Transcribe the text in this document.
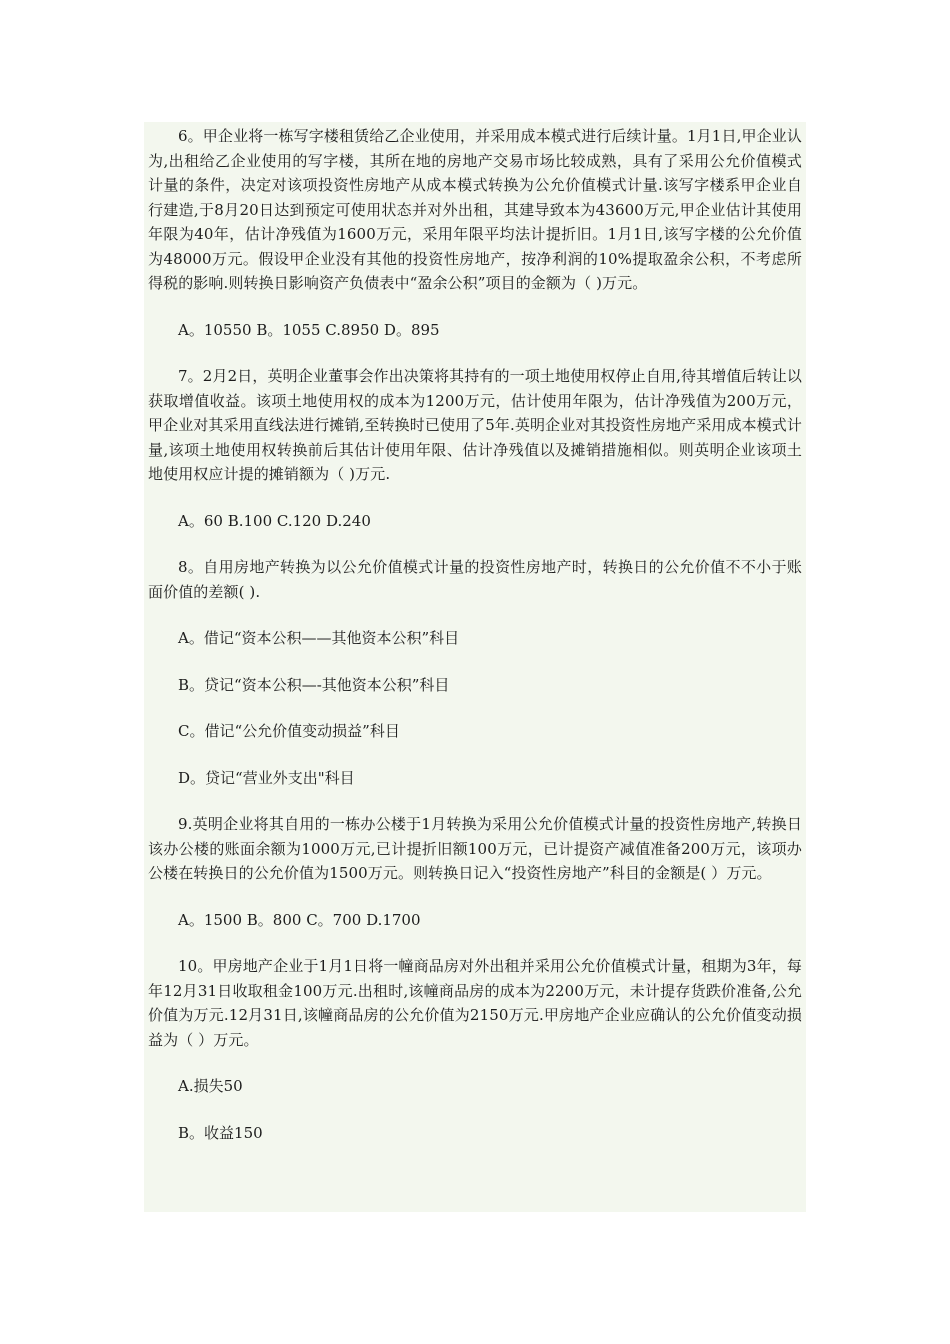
6。甲企业将一栋写字楼租赁给乙企业使用，并采用成本模式进行后续计量。1月1日,甲企业认为,出租给乙企业使用的写字楼，其所在地的房地产交易市场比较成熟，具有了采用公允价值模式计量的条件，决定对该项投资性房地产从成本模式转换为公允价值模式计量.该写字楼系甲企业自行建造,于8月20日达到预定可使用状态并对外出租，其建导致本为43600万元,甲企业估计其使用年限为40年，估计净残值为1600万元，采用年限平均法计提折旧。1月1日,该写字楼的公允价值为48000万元。假设甲企业没有其他的投资性房地产，按净利润的10%提取盈余公积，不考虑所得税的影响.则转换日影响资产负债表中“盈余公积”项目的金额为（ )万元。

A。10550 B。1055 C.8950 D。895

7。2月2日，英明企业董事会作出决策将其持有的一项土地使用权停止自用,待其增值后转让以获取增值收益。该项土地使用权的成本为1200万元，估计使用年限为，估计净残值为200万元，甲企业对其采用直线法进行摊销,至转换时已使用了5年.英明企业对其投资性房地产采用成本模式计量,该项土地使用权转换前后其估计使用年限、估计净残值以及摊销措施相似。则英明企业该项土地使用权应计提的摊销额为（ )万元.

A。60 B.100 C.120 D.240

8。自用房地产转换为以公允价值模式计量的投资性房地产时，转换日的公允价值不不小于账面价值的差额( ).

A。借记“资本公积——其他资本公积”科目

B。贷记“资本公积—-其他资本公积”科目

C。借记“公允价值变动损益”科目

D。贷记“营业外支出"科目

9.英明企业将其自用的一栋办公楼于1月转换为采用公允价值模式计量的投资性房地产,转换日该办公楼的账面余额为1000万元,已计提折旧额100万元，已计提资产减值准备200万元，该项办公楼在转换日的公允价值为1500万元。则转换日记入“投资性房地产”科目的金额是( ）万元。

A。1500 B。800 C。700 D.1700

10。甲房地产企业于1月1日将一幢商品房对外出租并采用公允价值模式计量，租期为3年，每年12月31日收取租金100万元.出租时,该幢商品房的成本为2200万元，未计提存货跌价准备,公允价值为万元.12月31日,该幢商品房的公允价值为2150万元.甲房地产企业应确认的公允价值变动损益为（ ）万元。

A.损失50

B。收益150
